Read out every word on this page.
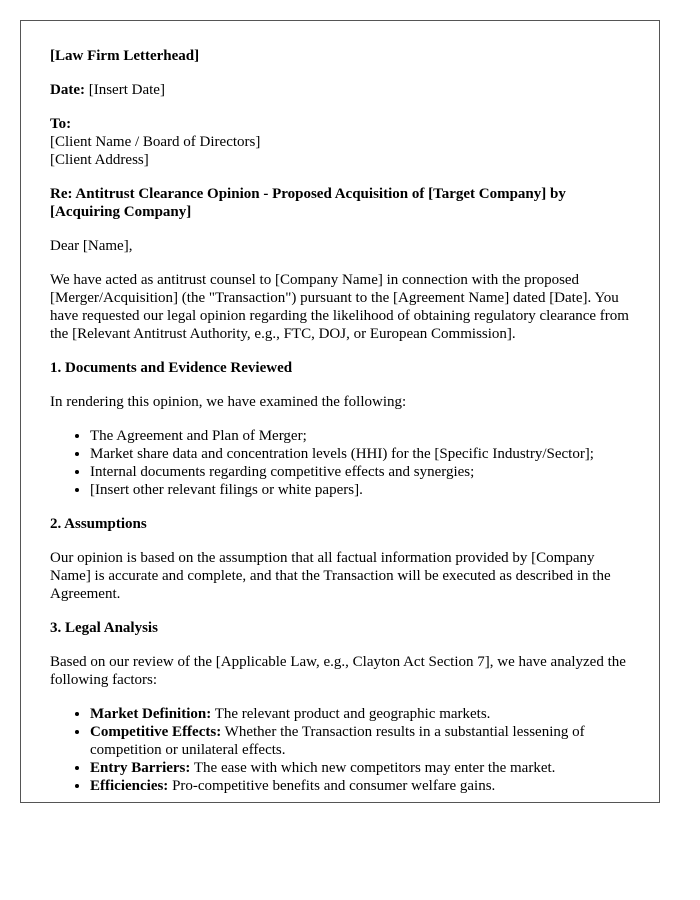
[Law Firm Letterhead]

Date: [Insert Date]

To:
[Client Name / Board of Directors]
[Client Address]

Re: Antitrust Clearance Opinion - Proposed Acquisition of [Target Company] by [Acquiring Company]

Dear [Name],

We have acted as antitrust counsel to [Company Name] in connection with the proposed [Merger/Acquisition] (the "Transaction") pursuant to the [Agreement Name] dated [Date]. You have requested our legal opinion regarding the likelihood of obtaining regulatory clearance from the [Relevant Antitrust Authority, e.g., FTC, DOJ, or European Commission].

1. Documents and Evidence Reviewed

In rendering this opinion, we have examined the following:

• The Agreement and Plan of Merger;
• Market share data and concentration levels (HHI) for the [Specific Industry/Sector];
• Internal documents regarding competitive effects and synergies;
• [Insert other relevant filings or white papers].
2. Assumptions

Our opinion is based on the assumption that all factual information provided by [Company Name] is accurate and complete, and that the Transaction will be executed as described in the Agreement.

3. Legal Analysis

Based on our review of the [Applicable Law, e.g., Clayton Act Section 7], we have analyzed the following factors:

• Market Definition: The relevant product and geographic markets.
• Competitive Effects: Whether the Transaction results in a substantial lessening of competition or unilateral effects.
• Entry Barriers: The ease with which new competitors may enter the market.
• Efficiencies: Pro-competitive benefits and consumer welfare gains.
